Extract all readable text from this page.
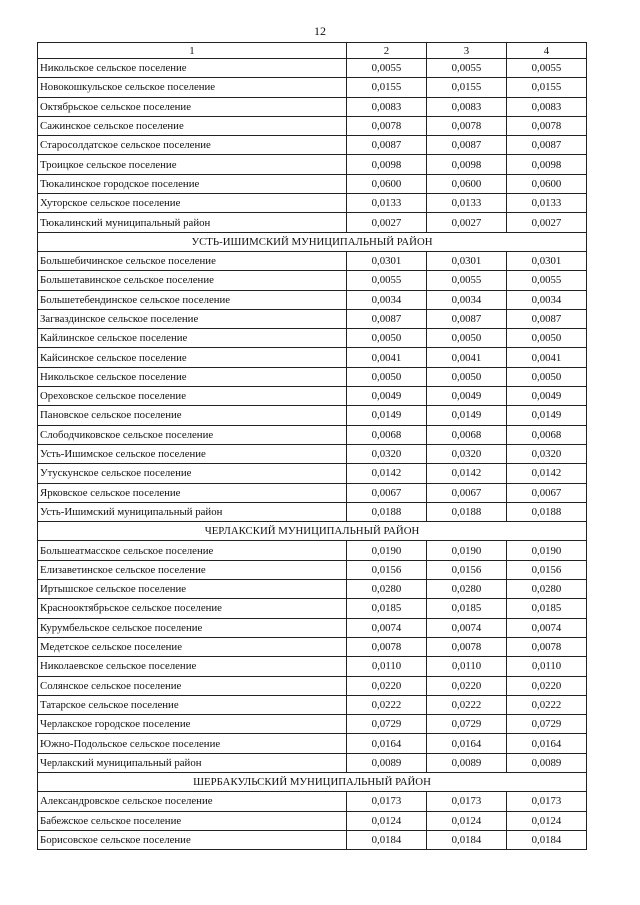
12
1	2	3	4
Никольское сельское поселение	0,0055	0,0055	0,0055
Новокошкульское сельское поселение	0,0155	0,0155	0,0155
Октябрьское сельское поселение	0,0083	0,0083	0,0083
Сажинское сельское поселение	0,0078	0,0078	0,0078
Старосолдатское сельское поселение	0,0087	0,0087	0,0087
Троицкое сельское поселение	0,0098	0,0098	0,0098
Тюкалинское городское поселение	0,0600	0,0600	0,0600
Хуторское сельское поселение	0,0133	0,0133	0,0133
Тюкалинский муниципальный район	0,0027	0,0027	0,0027
УСТЬ-ИШИМСКИЙ МУНИЦИПАЛЬНЫЙ РАЙОН			
Большебичинское сельское поселение	0,0301	0,0301	0,0301
Большетавинское сельское поселение	0,0055	0,0055	0,0055
Большетебендинское сельское поселение	0,0034	0,0034	0,0034
Загваздинское сельское поселение	0,0087	0,0087	0,0087
Кайлинское сельское поселение	0,0050	0,0050	0,0050
Кайсинское сельское поселение	0,0041	0,0041	0,0041
Никольское сельское поселение	0,0050	0,0050	0,0050
Ореховское сельское поселение	0,0049	0,0049	0,0049
Пановское сельское поселение	0,0149	0,0149	0,0149
Слободчиковское сельское поселение	0,0068	0,0068	0,0068
Усть-Ишимское сельское поселение	0,0320	0,0320	0,0320
Утускунское сельское поселение	0,0142	0,0142	0,0142
Ярковское сельское поселение	0,0067	0,0067	0,0067
Усть-Ишимский муниципальный район	0,0188	0,0188	0,0188
ЧЕРЛАКСКИЙ МУНИЦИПАЛЬНЫЙ РАЙОН			
Большеатмасское сельское поселение	0,0190	0,0190	0,0190
Елизаветинское сельское поселение	0,0156	0,0156	0,0156
Иртышское сельское поселение	0,0280	0,0280	0,0280
Краснооктябрьское сельское поселение	0,0185	0,0185	0,0185
Курумбельское сельское поселение	0,0074	0,0074	0,0074
Медетское сельское поселение	0,0078	0,0078	0,0078
Николаевское сельское поселение	0,0110	0,0110	0,0110
Солянское сельское поселение	0,0220	0,0220	0,0220
Татарское сельское поселение	0,0222	0,0222	0,0222
Черлакское городское поселение	0,0729	0,0729	0,0729
Южно-Подольское сельское поселение	0,0164	0,0164	0,0164
Черлакский муниципальный район	0,0089	0,0089	0,0089
ШЕРБАКУЛЬСКИЙ МУНИЦИПАЛЬНЫЙ РАЙОН			
Александровское сельское поселение	0,0173	0,0173	0,0173
Бабежское сельское поселение	0,0124	0,0124	0,0124
Борисовское сельское поселение	0,0184	0,0184	0,0184
